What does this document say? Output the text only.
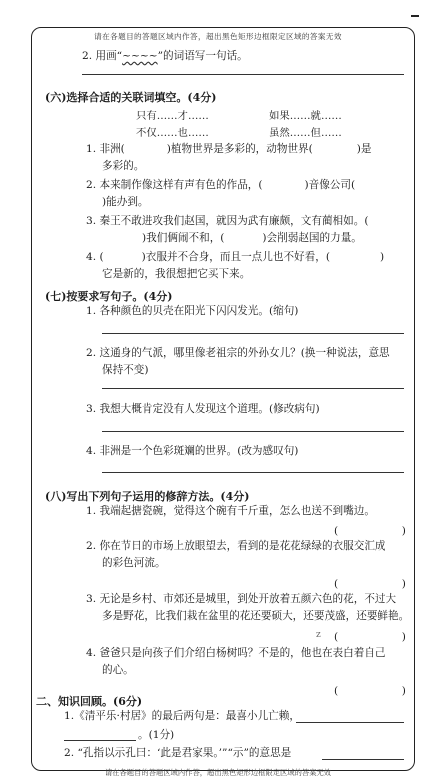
请在各题目的答题区域内作答，超出黑色矩形边框限定区域的答案无效
2. 用画“~~~~”的词语写一句话。
(六)选择合适的关联词填空。(4分)
只有……才……	如果……就……
不仅……也……	虽然……但……
1. 非洲(	)植物世界是多彩的，动物世界(	)是
多彩的。
2. 本来制作像这样有声有色的作品，(	)音像公司(
)能办到。
3. 秦王不敢进攻我们赵国，就因为武有廉颇，文有蔺相如。(
)我们俩闹不和，(	)会削弱赵国的力量。
4. (	)衣服并不合身，而且一点儿也不好看，(	)
它是新的，我很想把它买下来。
(七)按要求写句子。(4分)
1. 各种颜色的贝壳在阳光下闪闪发光。(缩句)
2. 这通身的气派，哪里像老祖宗的外孙女儿？(换一种说法，意思
保持不变)
3. 我想大概肯定没有人发现这个道理。(修改病句)
4. 非洲是一个色彩斑斓的世界。(改为感叹句)
(八)写出下列句子运用的修辞方法。(4分)
1. 我端起搪瓷碗，觉得这个碗有千斤重，怎么也送不到嘴边。
(　　　　　　)
2. 你在节日的市场上放眼望去，看到的是花花绿绿的衣服交汇成
的彩色河流。
(　　　　　　)
3. 无论是乡村、市郊还是城里，到处开放着五颜六色的花，不过大
多是野花，比我们栽在盆里的花还要硕大，还要茂盛，还要鲜艳。
(　　　　　　)
z
4. 爸爸只是向孩子们介绍白杨树吗？不是的，他也在表白着自己
的心。
(　　　　　　)
二、知识回顾。(6分)
1.《清平乐·村居》的最后两句是：最喜小儿亡赖，
。(1分)
2. “孔指以示孔曰：‘此是君家果。’”“示”的意思是
请在各题目的答题区域内作答，超出黑色矩形边框限定区域的答案无效
